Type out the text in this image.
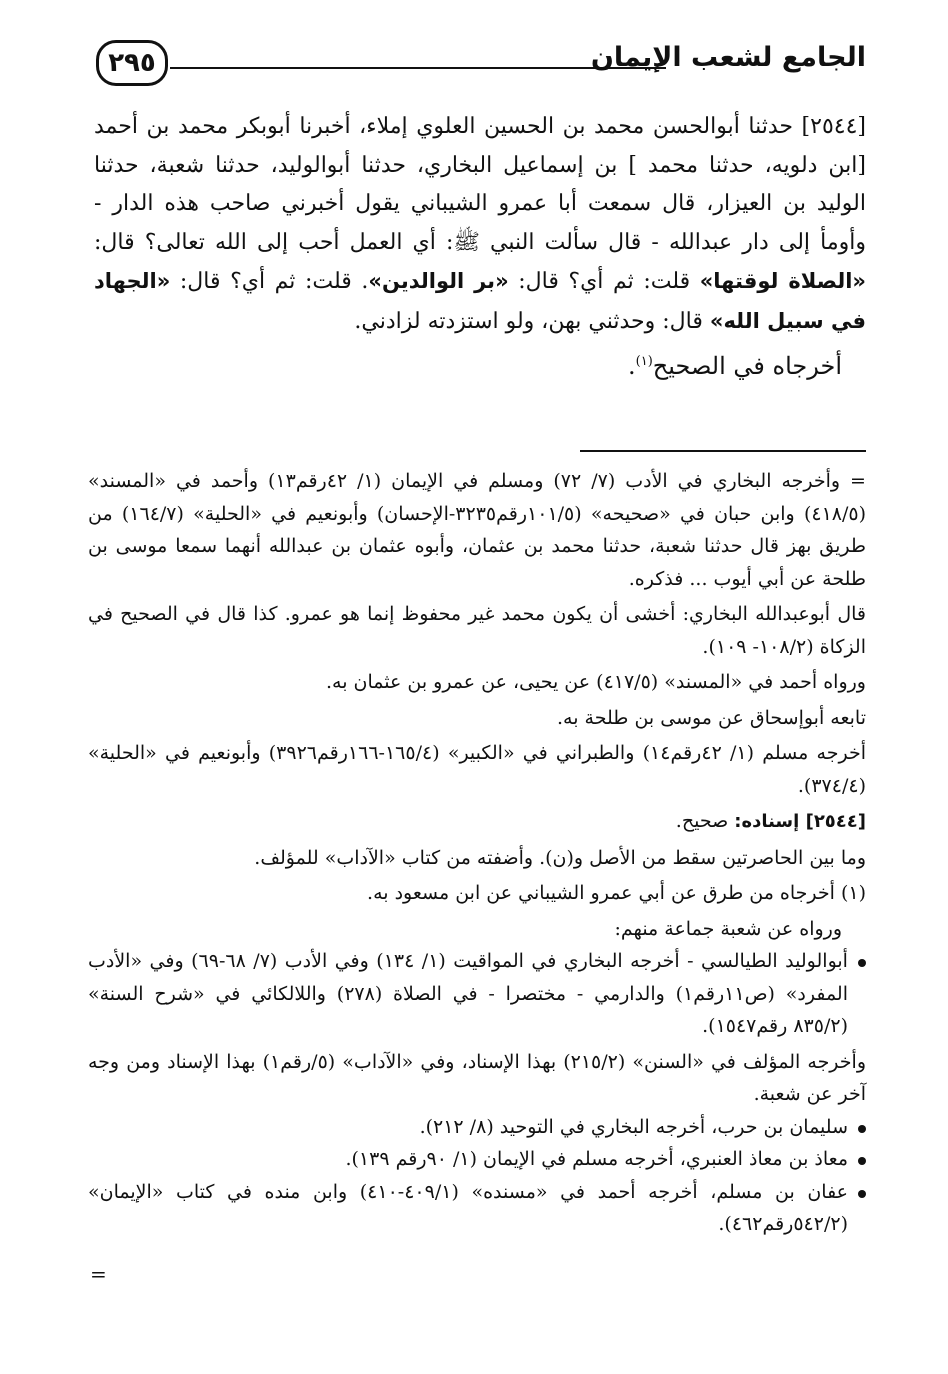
٢٩٥	الجامع لشعب الإيمان

[٢٥٤٤] حدثنا أبوالحسن محمد بن الحسين العلوي إملاء، أخبرنا أبوبكر محمد بن أحمد [ابن دلويه، حدثنا محمد ] بن إسماعيل البخاري، حدثنا أبوالوليد، حدثنا شعبة، حدثنا الوليد بن العيزار، قال سمعت أبا عمرو الشيباني يقول أخبرني صاحب هذه الدار - وأومأ إلى دار عبدالله - قال سألت النبي ﷺ: أي العمل أحب إلى الله تعالى؟ قال: «الصلاة لوقتها» قلت: ثم أي؟ قال: «بر الوالدين». قلت: ثم أي؟ قال: «الجهاد في سبيل الله» قال: وحدثني بهن، ولو استزدته لزادني.

أخرجاه في الصحيح$^{(١)}$.

= وأخرجه البخاري في الأدب (٧/ ٧٢) ومسلم في الإيمان (١/ ٤٢رقم١٣) وأحمد في «المسند» (٤١٨/٥) وابن حبان في «صحيحه» (١٠١/٥رقم٣٢٣٥-الإحسان) وأبونعيم في «الحلية» (١٦٤/٧) من طريق بهز قال حدثنا شعبة، حدثنا محمد بن عثمان، وأبوه عثمان بن عبدالله أنهما سمعا موسى بن طلحة عن أبي أيوب ... فذكره.

قال أبوعبدالله البخاري: أخشى أن يكون محمد غير محفوظ إنما هو عمرو. كذا قال في الصحيح في الزكاة (١٠٨/٢- ١٠٩).

ورواه أحمد في «المسند» (٤١٧/٥) عن يحيى، عن عمرو بن عثمان به.

تابعه أبوإسحاق عن موسى بن طلحة به.

أخرجه مسلم (١/ ٤٢رقم١٤) والطبراني في «الكبير» (١٦٥/٤-١٦٦رقم٣٩٢٦) وأبونعيم في «الحلية» (٣٧٤/٤).

[٢٥٤٤] إسناده: صحيح.

وما بين الحاصرتين سقط من الأصل و(ن). وأضفته من كتاب «الآداب» للمؤلف.

(١) أخرجاه من طرق عن أبي عمرو الشيباني عن ابن مسعود به.

ورواه عن شعبة جماعة منهم:

أبوالوليد الطيالسي - أخرجه البخاري في المواقيت (١/ ١٣٤) وفي الأدب (٧/ ٦٨-٦٩) وفي «الأدب المفرد» (ص١١رقم١) والدارمي - مختصرا - في الصلاة (٢٧٨) واللالكائي في «شرح السنة» (٨٣٥/٢ رقم١٥٤٧).

وأخرجه المؤلف في «السنن» (٢١٥/٢) بهذا الإسناد، وفي «الآداب» (٥/رقم١) بهذا الإسناد ومن وجه آخر عن شعبة.

سليمان بن حرب، أخرجه البخاري في التوحيد (٨/ ٢١٢).

معاذ بن معاذ العنبري، أخرجه مسلم في الإيمان (١/ ٩٠رقم ١٣٩).

عفان بن مسلم، أخرجه أحمد في «مسنده» (٤٠٩/١-٤١٠) وابن منده في كتاب «الإيمان» (٥٤٢/٢رقم٤٦٢).

=
